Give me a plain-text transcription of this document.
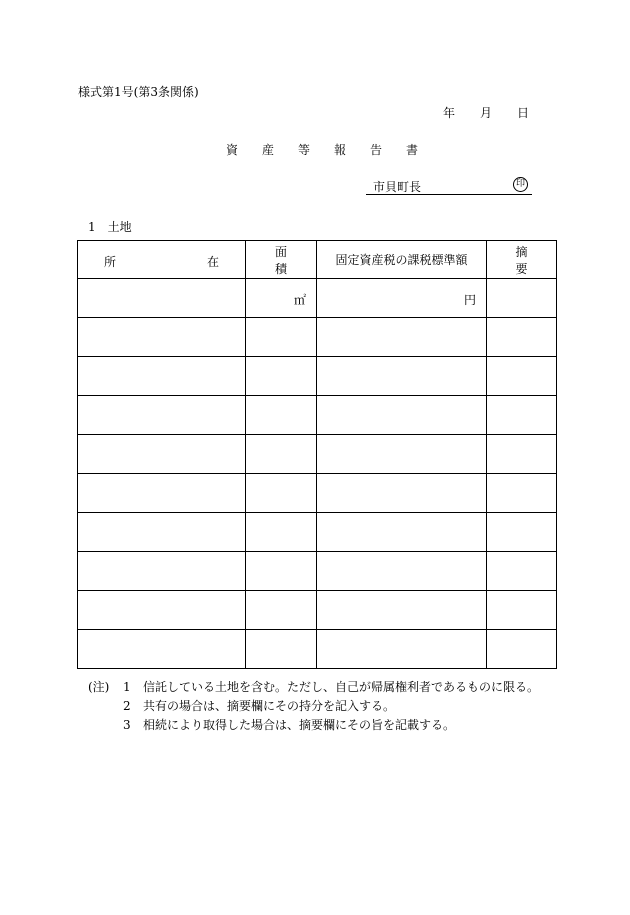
様式第1号(第3条関係)
年 月 日
資　　産　　等　　報　　告　　書
市貝町長	印
1 土地
所 在	面積	固定資産税の課税標準額	摘要
	㎡	円	

(注) 1 信託している土地を含む。ただし、自己が帰属権利者であるものに限る。
2 共有の場合は、摘要欄にその持分を記入する。
3 相続により取得した場合は、摘要欄にその旨を記載する。
